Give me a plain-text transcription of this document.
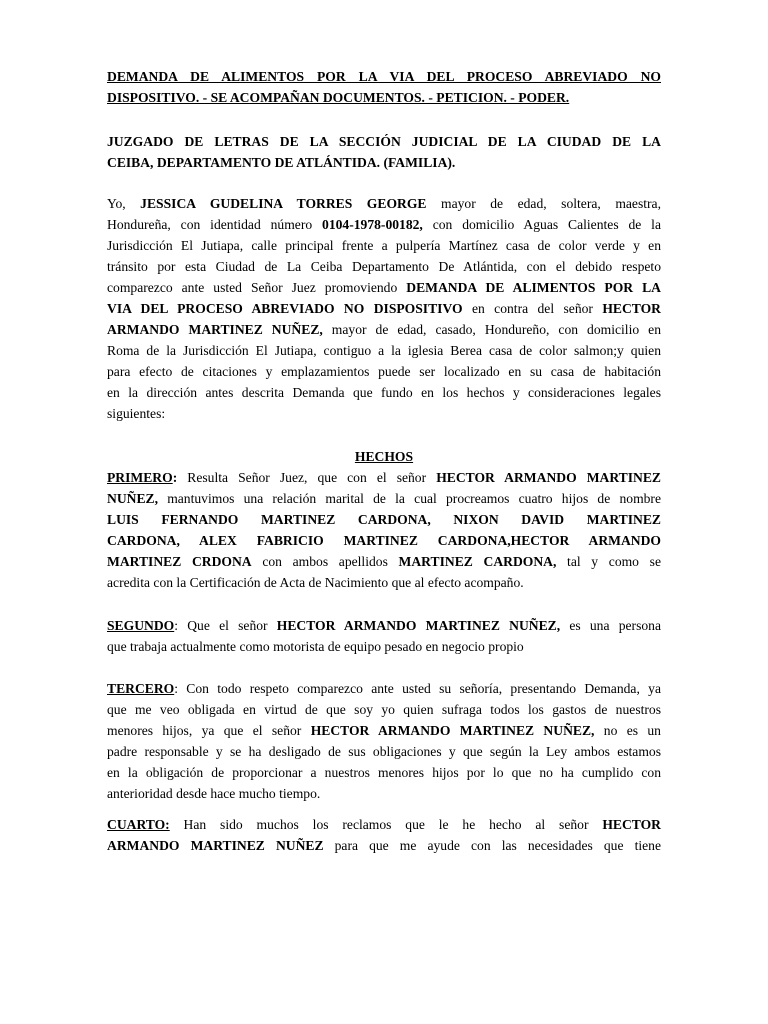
DEMANDA DE ALIMENTOS POR LA VIA DEL PROCESO ABREVIADO NO
DISPOSITIVO. - SE ACOMPAÑAN DOCUMENTOS. - PETICION. - PODER.
JUZGADO DE LETRAS DE LA SECCIÓN JUDICIAL DE LA CIUDAD DE LA
CEIBA, DEPARTAMENTO DE ATLÁNTIDA. (FAMILIA).
Yo, JESSICA GUDELINA TORRES GEORGE mayor de edad, soltera, maestra,
Hondureña, con identidad número 0104-1978-00182, con domicilio Aguas Calientes de la
Jurisdicción El Jutiapa, calle principal frente a pulpería Martínez casa de color verde y en
tránsito por esta Ciudad de La Ceiba Departamento De Atlántida, con el debido respeto
comparezco ante usted Señor Juez promoviendo DEMANDA DE ALIMENTOS POR LA
VIA DEL PROCESO ABREVIADO NO DISPOSITIVO en contra del señor HECTOR
ARMANDO MARTINEZ NUÑEZ, mayor de edad, casado, Hondureño, con domicilio en
Roma de la Jurisdicción El Jutiapa, contiguo a la iglesia Berea casa de color salmon;y quien
para efecto de citaciones y emplazamientos puede ser localizado en su casa de habitación
en la dirección antes descrita Demanda que fundo en los hechos y consideraciones legales
siguientes:
HECHOS
PRIMERO: Resulta Señor Juez, que con el señor HECTOR ARMANDO MARTINEZ
NUÑEZ, mantuvimos una relación marital de la cual procreamos cuatro hijos de nombre
LUIS FERNANDO MARTINEZ CARDONA, NIXON DAVID MARTINEZ
CARDONA, ALEX FABRICIO MARTINEZ CARDONA,HECTOR ARMANDO
MARTINEZ CRDONA con ambos apellidos MARTINEZ CARDONA, tal y como se
acredita con la Certificación de Acta de Nacimiento que al efecto acompaño.
SEGUNDO: Que el señor HECTOR ARMANDO MARTINEZ NUÑEZ, es una persona
que trabaja actualmente como motorista de equipo pesado en negocio propio
TERCERO: Con todo respeto comparezco ante usted su señoría, presentando Demanda, ya
que me veo obligada en virtud de que soy yo quien sufraga todos los gastos de nuestros
menores hijos, ya que el señor HECTOR ARMANDO MARTINEZ NUÑEZ, no es un
padre responsable y se ha desligado de sus obligaciones y que según la Ley ambos estamos
en la obligación de proporcionar a nuestros menores hijos por lo que no ha cumplido con
anterioridad desde hace mucho tiempo.
CUARTO: Han sido muchos los reclamos que le he hecho al señor HECTOR
ARMANDO MARTINEZ NUÑEZ para que me ayude con las necesidades que tiene
